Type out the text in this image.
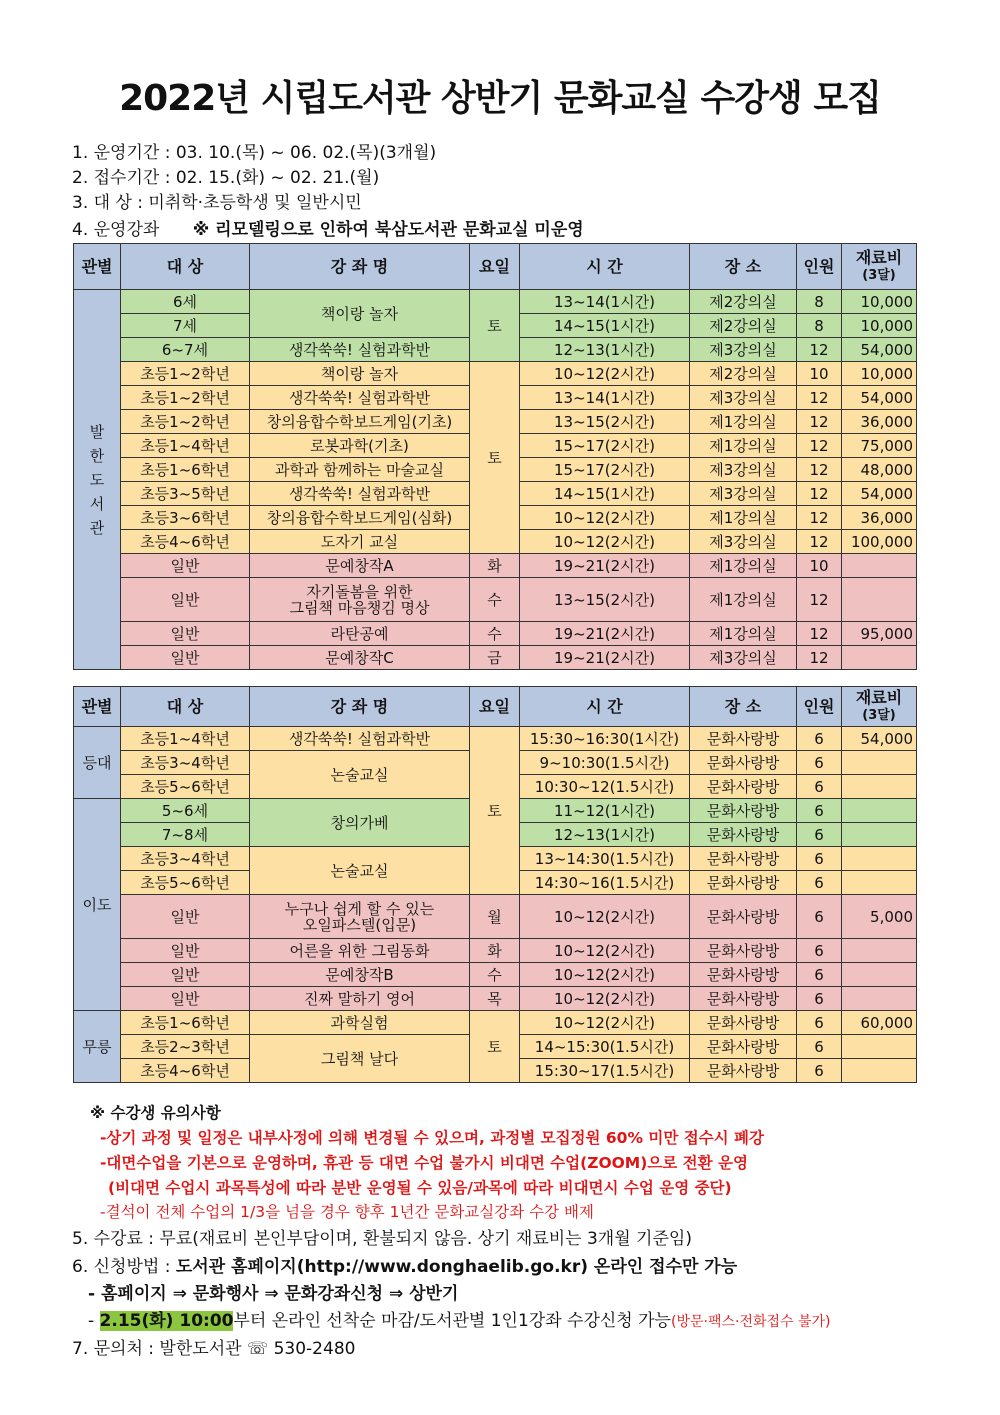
2022년 시립도서관 상반기 문화교실 수강생 모집
1. 운영기간 : 03. 10.(목) ~ 06. 02.(목)(3개월)
2. 접수기간 : 02. 15.(화) ~ 02. 21.(월)
3. 대 상 : 미취학·초등학생 및 일반시민
4. 운영강좌 ※ 리모델링으로 인하여 북삼도서관 문화교실 미운영
관별	대 상	강 좌 명	요일	시 간	장 소	인원	재료비
(3달)

발
한
도
서
관	6세	책이랑 놀자	토	13~14(1시간)	제2강의실	8	10,000
	7세			14~15(1시간)	제2강의실	8	10,000
	6~7세	생각쑥쑥! 실험과학반		12~13(1시간)	제3강의실	12	54,000
	초등1~2학년	책이랑 놀자	토	10~12(2시간)	제2강의실	10	10,000
	초등1~2학년	생각쑥쑥! 실험과학반		13~14(1시간)	제3강의실	12	54,000
	초등1~2학년	창의융합수학보드게임(기초)		13~15(2시간)	제1강의실	12	36,000
	초등1~4학년	로봇과학(기초)		15~17(2시간)	제1강의실	12	75,000
	초등1~6학년	과학과 함께하는 마술교실		15~17(2시간)	제3강의실	12	48,000
	초등3~5학년	생각쑥쑥! 실험과학반		14~15(1시간)	제3강의실	12	54,000
	초등3~6학년	창의융합수학보드게임(심화)		10~12(2시간)	제1강의실	12	36,000
	초등4~6학년	도자기 교실		10~12(2시간)	제3강의실	12	100,000
	일반	문예창작A	화	19~21(2시간)	제1강의실	10	
	일반	자기돌봄을 위한
그림책 마음챙김 명상	수	13~15(2시간)	제1강의실	12	
	일반	라탄공예	수	19~21(2시간)	제1강의실	12	95,000
	일반	문예창작C	금	19~21(2시간)	제3강의실	12	
관별	대 상	강 좌 명	요일	시 간	장 소	인원	재료비
(3달)
등대	초등1~4학년	생각쑥쑥! 실험과학반	토	15:30~16:30(1시간)	문화사랑방	6	54,000
	초등3~4학년	논술교실		9~10:30(1.5시간)	문화사랑방	6	
	초등5~6학년			10:30~12(1.5시간)	문화사랑방	6	
이도	5~6세	창의가베		11~12(1시간)	문화사랑방	6	
	7~8세			12~13(1시간)	문화사랑방	6	
	초등3~4학년	논술교실		13~14:30(1.5시간)	문화사랑방	6	
	초등5~6학년			14:30~16(1.5시간)	문화사랑방	6	
	일반	누구나 쉽게 할 수 있는
오일파스텔(입문)	월	10~12(2시간)	문화사랑방	6	5,000
	일반	어른을 위한 그림동화	화	10~12(2시간)	문화사랑방	6	
	일반	문예창작B	수	10~12(2시간)	문화사랑방	6	
	일반	진짜 말하기 영어	목	10~12(2시간)	문화사랑방	6	
무릉	초등1~6학년	과학실험	토	10~12(2시간)	문화사랑방	6	60,000
	초등2~3학년	그림책 날다		14~15:30(1.5시간)	문화사랑방	6	
	초등4~6학년			15:30~17(1.5시간)	문화사랑방	6	
※ 수강생 유의사항
-상기 과정 및 일정은 내부사정에 의해 변경될 수 있으며, 과정별 모집정원 60% 미만 접수시 폐강
-대면수업을 기본으로 운영하며, 휴관 등 대면 수업 불가시 비대면 수업(ZOOM)으로 전환 운영
(비대면 수업시 과목특성에 따라 분반 운영될 수 있음/과목에 따라 비대면시 수업 운영 중단)
-결석이 전체 수업의 1/3을 넘을 경우 향후 1년간 문화교실강좌 수강 배제
5. 수강료 : 무료(재료비 본인부담이며, 환불되지 않음. 상기 재료비는 3개월 기준임)
6. 신청방법 : 도서관 홈페이지(http://www.donghaelib.go.kr) 온라인 접수만 가능
- 홈페이지 ⇒ 문화행사 ⇒ 문화강좌신청 ⇒ 상반기
- 2.15(화) 10:00부터 온라인 선착순 마감/도서관별 1인1강좌 수강신청 가능(방문·팩스·전화접수 불가)
7. 문의처 : 발한도서관 ☏ 530-2480
